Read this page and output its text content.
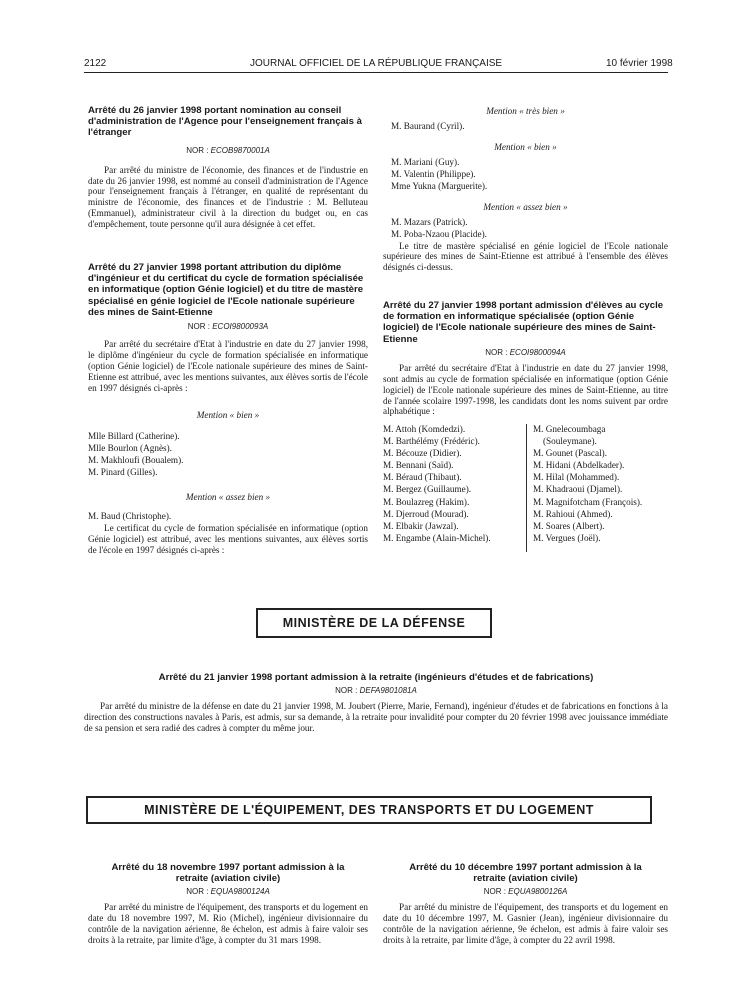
2122	JOURNAL OFFICIEL DE LA RÉPUBLIQUE FRANÇAISE	10 février 1998
Arrêté du 26 janvier 1998 portant nomination au conseil d'administration de l'Agence pour l'enseignement français à l'étranger
NOR : ECOB9870001A

Par arrêté du ministre de l'économie, des finances et de l'industrie en date du 26 janvier 1998, est nommé au conseil d'administration de l'Agence pour l'enseignement français à l'étranger, en qualité de représentant du ministre de l'économie, des finances et de l'industrie : M. Belluteau (Emmanuel), administrateur civil à la direction du budget ou, en cas d'empêchement, toute personne qu'il aura désignée à cet effet.

Arrêté du 27 janvier 1998 portant attribution du diplôme d'ingénieur et du certificat du cycle de formation spécialisée en informatique (option Génie logiciel) et du titre de mastère spécialisé en génie logiciel de l'Ecole nationale supérieure des mines de Saint-Etienne
NOR : ECOI9800093A

Par arrêté du secrétaire d'Etat à l'industrie en date du 27 janvier 1998, le diplôme d'ingénieur du cycle de formation spécialisée en informatique (option Génie logiciel) de l'Ecole nationale supérieure des mines de Saint-Etienne est attribué, avec les mentions suivantes, aux élèves sortis de l'école en 1997 désignés ci-après :

Mention « bien »
Mlle Billard (Catherine).
Mlle Bourlon (Agnès).
M. Makhloufi (Boualem).
M. Pinard (Gilles).
Mention « assez bien »
M. Baud (Christophe).

Le certificat du cycle de formation spécialisée en informatique (option Génie logiciel) est attribué, avec les mentions suivantes, aux élèves sortis de l'école en 1997 désignés ci-après :

Mention « très bien »
M. Baurand (Cyril).
Mention « bien »
M. Mariani (Guy).
M. Valentin (Philippe).
Mme Yukna (Marguerite).
Mention « assez bien »
M. Mazars (Patrick).
M. Poba-Nzaou (Placide).

Le titre de mastère spécialisé en génie logiciel de l'Ecole nationale supérieure des mines de Saint-Etienne est attribué à l'ensemble des élèves désignés ci-dessus.

Arrêté du 27 janvier 1998 portant admission d'élèves au cycle de formation en informatique spécialisée (option Génie logiciel) de l'Ecole nationale supérieure des mines de Saint-Etienne
NOR : ECOI9800094A

Par arrêté du secrétaire d'Etat à l'industrie en date du 27 janvier 1998, sont admis au cycle de formation spécialisée en informatique (option Génie logiciel) de l'Ecole nationale supérieure des mines de Saint-Etienne, au titre de l'année scolaire 1997-1998, les candidats dont les noms suivent par ordre alphabétique :

M. Attoh (Komdedzi).
M. Barthélémy (Frédéric).
M. Bécouze (Didier).
M. Bennani (Saïd).
M. Béraud (Thibaut).
M. Bergez (Guillaume).
M. Boulazreg (Hakim).
M. Djerroud (Mourad).
M. Elbakir (Jawzal).
M. Engambe (Alain-Michel).
M. Gnelecoumbaga
(Souleymane).
M. Gounet (Pascal).
M. Hidani (Abdelkader).
M. Hilal (Mohammed).
M. Khadraoui (Djamel).
M. Magnifotcham (François).
M. Rahioui (Ahmed).
M. Soares (Albert).
M. Vergues (Joël).
MINISTÈRE DE LA DÉFENSE
Arrêté du 21 janvier 1998 portant admission à la retraite (ingénieurs d'études et de fabrications)
NOR : DEFA9801081A

Par arrêté du ministre de la défense en date du 21 janvier 1998, M. Joubert (Pierre, Marie, Fernand), ingénieur d'études et de fabrications en fonctions à la direction des constructions navales à Paris, est admis, sur sa demande, à la retraite pour invalidité pour compter du 20 février 1998 avec jouissance immédiate de sa pension et sera radié des cadres à compter du même jour.

MINISTÈRE DE L'ÉQUIPEMENT, DES TRANSPORTS ET DU LOGEMENT
Arrêté du 18 novembre 1997 portant admission à la retraite (aviation civile)
NOR : EQUA9800124A

Par arrêté du ministre de l'équipement, des transports et du logement en date du 18 novembre 1997, M. Rio (Michel), ingénieur divisionnaire du contrôle de la navigation aérienne, 8e échelon, est admis à faire valoir ses droits à la retraite, par limite d'âge, à compter du 31 mars 1998.

Arrêté du 10 décembre 1997 portant admission à la retraite (aviation civile)
NOR : EQUA9800126A

Par arrêté du ministre de l'équipement, des transports et du logement en date du 10 décembre 1997, M. Gasnier (Jean), ingénieur divisionnaire du contrôle de la navigation aérienne, 9e échelon, est admis à faire valoir ses droits à la retraite, par limite d'âge, à compter du 22 avril 1998.
